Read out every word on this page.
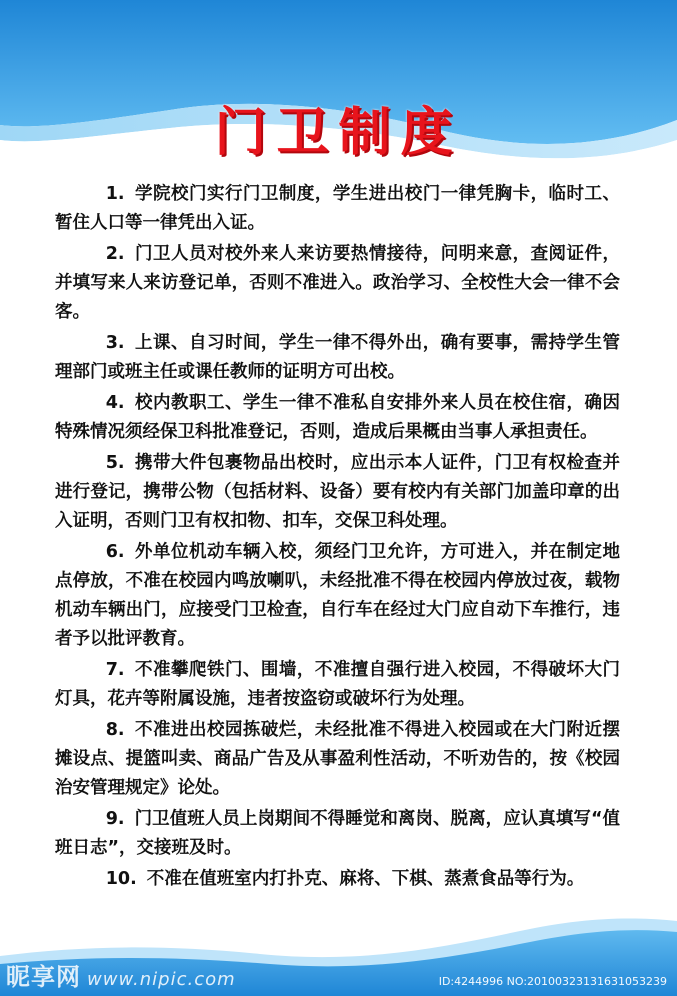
门卫制度
1. 学院校门实行门卫制度，学生进出校门一律凭胸卡，临时工、暂住人口等一律凭出入证。
2. 门卫人员对校外来人来访要热情接待，问明来意，查阅证件，并填写来人来访登记单，否则不准进入。政治学习、全校性大会一律不会客。
3. 上课、自习时间，学生一律不得外出，确有要事，需持学生管理部门或班主任或课任教师的证明方可出校。
4. 校内教职工、学生一律不准私自安排外来人员在校住宿，确因特殊情况须经保卫科批准登记，否则，造成后果概由当事人承担责任。
5. 携带大件包裹物品出校时，应出示本人证件，门卫有权检查并进行登记，携带公物（包括材料、设备）要有校内有关部门加盖印章的出入证明，否则门卫有权扣物、扣车，交保卫科处理。
6. 外单位机动车辆入校，须经门卫允许，方可进入，并在制定地点停放，不准在校园内鸣放喇叭，未经批准不得在校园内停放过夜，载物机动车辆出门，应接受门卫检查，自行车在经过大门应自动下车推行，违者予以批评教育。
7. 不准攀爬铁门、围墙，不准擅自强行进入校园，不得破坏大门灯具，花卉等附属设施，违者按盗窃或破坏行为处理。
8. 不准进出校园拣破烂，未经批准不得进入校园或在大门附近摆摊设点、提篮叫卖、商品广告及从事盈利性活动，不听劝告的，按《校园治安管理规定》论处。
9. 门卫值班人员上岗期间不得睡觉和离岗、脱离，应认真填写“值班日志”，交接班及时。
10. 不准在值班室内打扑克、麻将、下棋、蒸煮食品等行为。
昵享网 www.nipic.com	ID:4244996 NO:20100323131631053239
